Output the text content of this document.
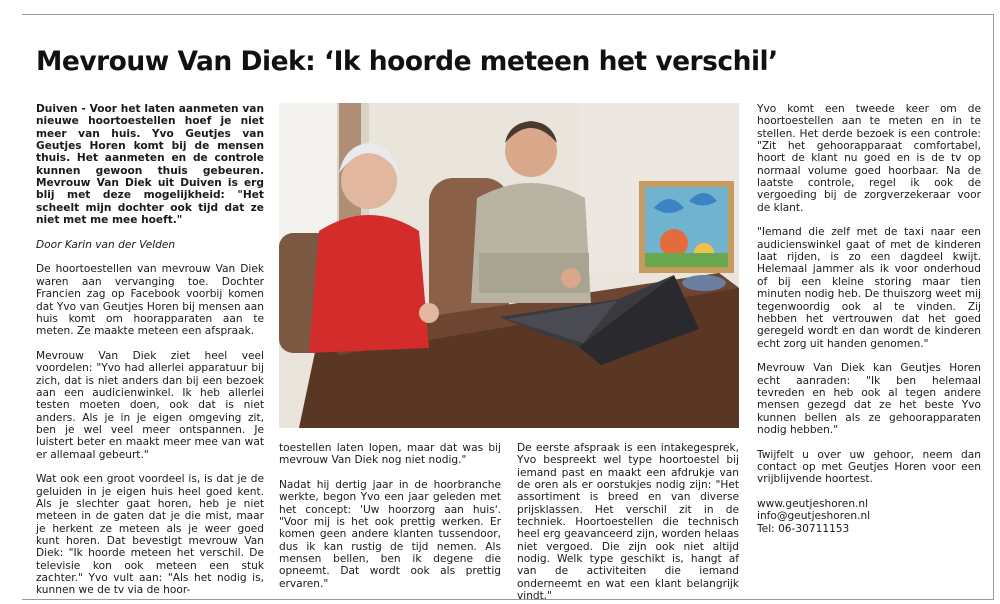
Mevrouw Van Diek: ‘Ik hoorde meteen het verschil’

Duiven - Voor het laten aanmeten van nieuwe hoortoestellen hoef je niet meer van huis. Yvo Geutjes van Geutjes Horen komt bij de mensen thuis. Het aanmeten en de controle kunnen gewoon thuis gebeuren. Mevrouw Van Diek uit Duiven is erg blij met deze mogelijkheid: "Het scheelt mijn dochter ook tijd dat ze niet met me mee hoeft."

Door Karin van der Velden

De hoortoestellen van mevrouw Van Diek waren aan vervanging toe. Dochter Francien zag op Facebook voorbij komen dat Yvo van Geutjes Horen bij mensen aan huis komt om hoorapparaten aan te meten. Ze maakte meteen een afspraak.

Mevrouw Van Diek ziet heel veel voordelen: "Yvo had allerlei apparatuur bij zich, dat is niet anders dan bij een bezoek aan een audicienwinkel. Ik heb allerlei testen moeten doen, ook dat is niet anders. Als je in je eigen omgeving zit, ben je wel veel meer ontspannen. Je luistert beter en maakt meer mee van wat er allemaal gebeurt."

Wat ook een groot voordeel is, is dat je de geluiden in je eigen huis heel goed kent. Als je slechter gaat horen, heb je niet meteen in de gaten dat je die mist, maar je herkent ze meteen als je weer goed kunt horen. Dat bevestigt mevrouw Van Diek: "Ik hoorde meteen het verschil. De televisie kon ook meteen een stuk zachter." Yvo vult aan: "Als het nodig is, kunnen we de tv via de hoor-

toestellen laten lopen, maar dat was bij mevrouw Van Diek nog niet nodig."

Nadat hij dertig jaar in de hoorbranche werkte, begon Yvo een jaar geleden met het concept: 'Uw hoorzorg aan huis'. "Voor mij is het ook prettig werken. Er komen geen andere klanten tussendoor, dus ik kan rustig de tijd nemen. Als mensen bellen, ben ik degene die opneemt. Dat wordt ook als prettig ervaren."

De eerste afspraak is een intakegesprek, Yvo bespreekt wel type hoortoestel bij iemand past en maakt een afdrukje van de oren als er oorstukjes nodig zijn: "Het assortiment is breed en van diverse prijsklassen. Het verschil zit in de techniek. Hoortoestellen die technisch heel erg geavanceerd zijn, worden helaas niet vergoed. Die zijn ook niet altijd nodig. Welk type geschikt is, hangt af van de activiteiten die iemand onderneemt en wat een klant belangrijk vindt."

Yvo komt een tweede keer om de hoortoestellen aan te meten en in te stellen. Het derde bezoek is een controle: "Zit het gehoorapparaat comfortabel, hoort de klant nu goed en is de tv op normaal volume goed hoorbaar. Na de laatste controle, regel ik ook de vergoeding bij de zorgverzekeraar voor de klant.

"Iemand die zelf met de taxi naar een audicienswinkel gaat of met de kinderen laat rijden, is zo een dagdeel kwijt. Helemaal jammer als ik voor onderhoud of bij een kleine storing maar tien minuten nodig heb. De thuiszorg weet mij tegenwoordig ook al te vinden. Zij hebben het vertrouwen dat het goed geregeld wordt en dan wordt de kinderen echt zorg uit handen genomen."

Mevrouw Van Diek kan Geutjes Horen echt aanraden: "Ik ben helemaal tevreden en heb ook al tegen andere mensen gezegd dat ze het beste Yvo kunnen bellen als ze gehoorapparaten nodig hebben."

Twijfelt u over uw gehoor, neem dan contact op met Geutjes Horen voor een vrijblijvende hoortest.

www.geutjeshoren.nl
info@geutjeshoren.nl
Tel: 06-30711153
